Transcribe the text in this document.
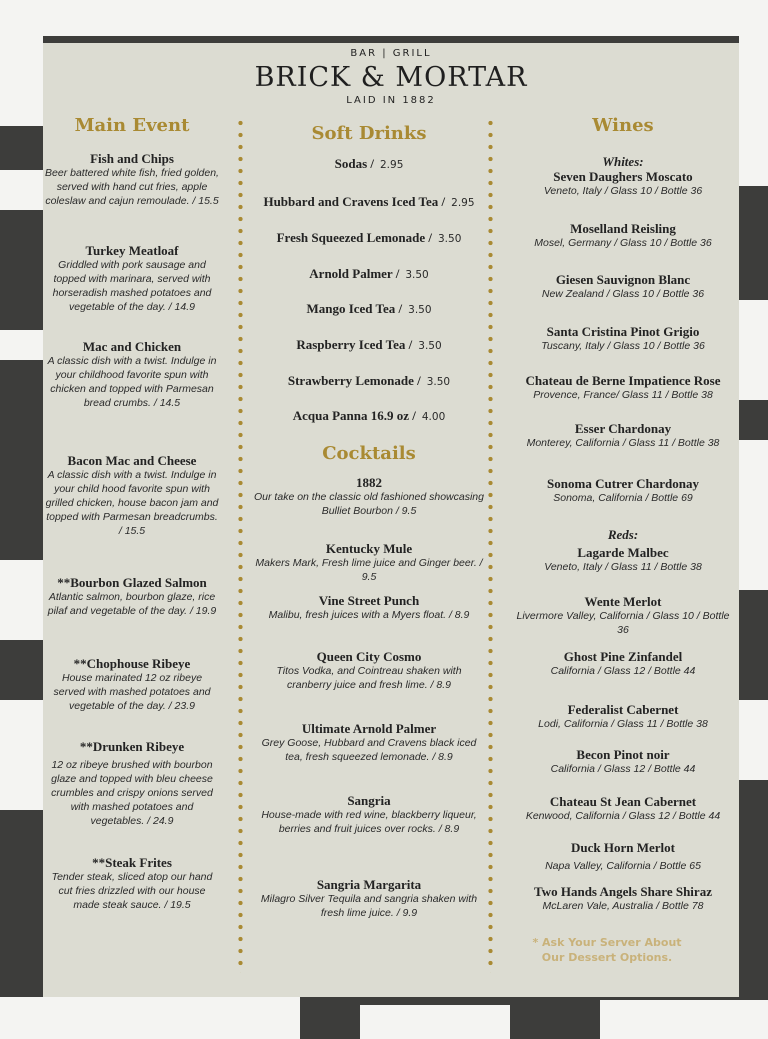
BAR | GRILL
BRICK & MORTAR
LAID IN 1882
Main Event
Fish and Chips
Beer battered white fish, fried golden, served with hand cut fries, apple coleslaw and cajun remoulade. / 15.5
Turkey Meatloaf
Griddled with pork sausage and topped with marinara, served with horseradish mashed potatoes and vegetable of the day. / 14.9
Mac and Chicken
A classic dish with a twist. Indulge in your childhood favorite spun with chicken and topped with Parmesan bread crumbs. / 14.5
Bacon Mac and Cheese
A classic dish with a twist. Indulge in your child hood favorite spun with grilled chicken, house bacon jam and topped with Parmesan breadcrumbs. / 15.5
**Bourbon Glazed Salmon
Atlantic salmon, bourbon glaze, rice pilaf and vegetable of the day. / 19.9
**Chophouse Ribeye
House marinated 12 oz ribeye served with mashed potatoes and vegetable of the day. / 23.9
**Drunken Ribeye
12 oz ribeye brushed with bourbon glaze and topped with bleu cheese crumbles and crispy onions served with mashed potatoes and vegetables. / 24.9
**Steak Frites
Tender steak, sliced atop our hand cut fries drizzled with our house made steak sauce. / 19.5
Soft Drinks
Sodas / 2.95
Hubbard and Cravens Iced Tea / 2.95
Fresh Squeezed Lemonade / 3.50
Arnold Palmer / 3.50
Mango Iced Tea / 3.50
Raspberry Iced Tea / 3.50
Strawberry Lemonade / 3.50
Acqua Panna 16.9 oz / 4.00
Cocktails
1882
Our take on the classic old fashioned showcasing Bulliet Bourbon / 9.5
Kentucky Mule
Makers Mark, Fresh lime juice and Ginger beer. / 9.5
Vine Street Punch
Malibu, fresh juices with a Myers float. / 8.9
Queen City Cosmo
Titos Vodka, and Cointreau shaken with cranberry juice and fresh lime. / 8.9
Ultimate Arnold Palmer
Grey Goose, Hubbard and Cravens black iced tea, fresh squeezed lemonade. / 8.9
Sangria
House-made with red wine, blackberry liqueur, berries and fruit juices over rocks. / 8.9
Sangria Margarita
Milagro Silver Tequila and sangria shaken with fresh lime juice. / 9.9
Wines
Whites:
Seven Daughers Moscato
Veneto, Italy / Glass 10 / Bottle 36
Moselland Reisling
Mosel, Germany / Glass 10 / Bottle 36
Giesen Sauvignon Blanc
New Zealand / Glass 10 / Bottle 36
Santa Cristina Pinot Grigio
Tuscany, Italy / Glass 10 / Bottle 36
Chateau de Berne Impatience Rose
Provence, France/ Glass 11 / Bottle 38
Esser Chardonay
Monterey, California / Glass 11 / Bottle 38
Sonoma Cutrer Chardonay
Sonoma, California / Bottle 69
Reds:
Lagarde Malbec
Veneto, Italy / Glass 11 / Bottle 38
Wente Merlot
Livermore Valley, California / Glass 10 / Bottle 36
Ghost Pine Zinfandel
California / Glass 12 / Bottle 44
Federalist Cabernet
Lodi, California / Glass 11 / Bottle 38
Becon Pinot noir
California / Glass 12 / Bottle 44
Chateau St Jean Cabernet
Kenwood, California / Glass 12 / Bottle 44
Duck Horn Merlot
Napa Valley, California / Bottle 65
Two Hands Angels Share Shiraz
McLaren Vale, Australia / Bottle 78
* Ask Your Server About Our Dessert Options.
